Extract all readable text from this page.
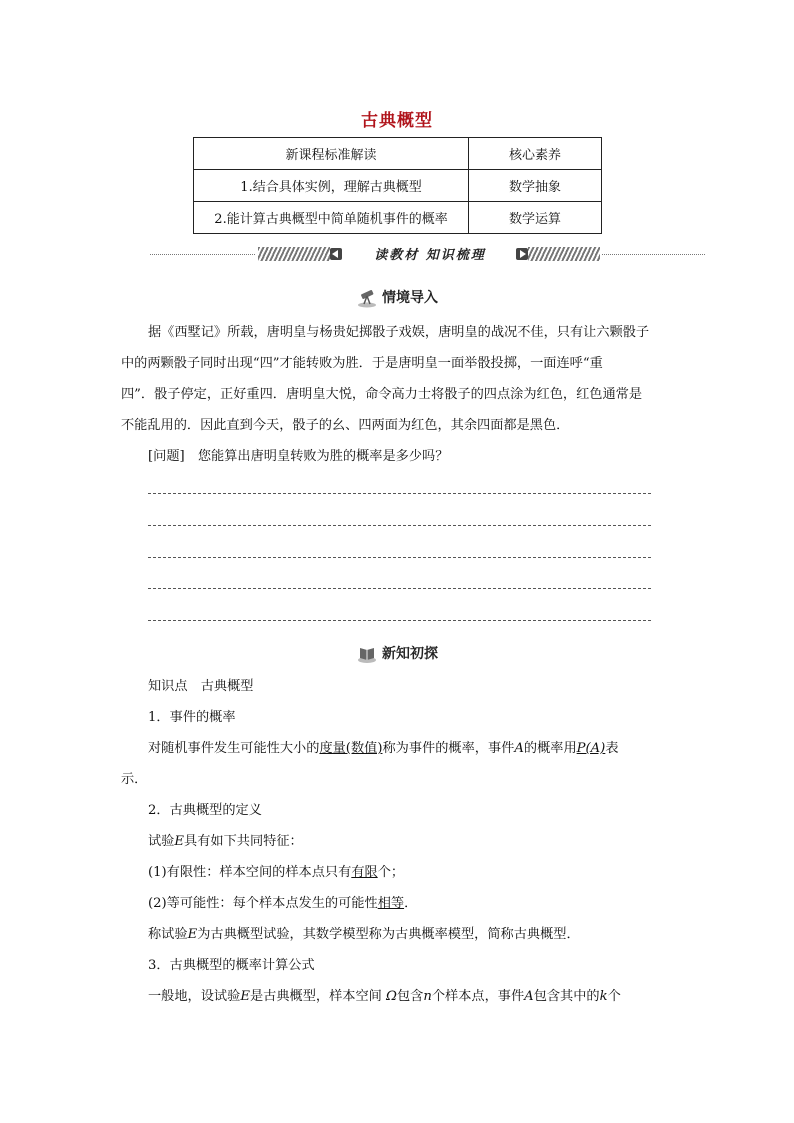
古典概型
新课程标准解读	核心素养
1.结合具体实例，理解古典概型	数学抽象
2.能计算古典概型中简单随机事件的概率	数学运算
读教材 知识梳理
情境导入

据《西墅记》所载，唐明皇与杨贵妃掷骰子戏娱，唐明皇的战况不佳，只有让六颗骰子

中的两颗骰子同时出现“四”才能转败为胜．于是唐明皇一面举骰投掷，一面连呼“重

四”．骰子停定，正好重四．唐明皇大悦，命令高力士将骰子的四点涂为红色，红色通常是

不能乱用的．因此直到今天，骰子的幺、四两面为红色，其余四面都是黑色．

[问题]　您能算出唐明皇转败为胜的概率是多少吗？

新知初探

知识点　古典概型

1．事件的概率

对随机事件发生可能性大小的度量(数值)称为事件的概率，事件A的概率用P(A)表

示．

2．古典概型的定义

试验E具有如下共同特征：

(1)有限性：样本空间的样本点只有有限个；

(2)等可能性：每个样本点发生的可能性相等．

称试验E为古典概型试验，其数学模型称为古典概率模型，简称古典概型．

3．古典概型的概率计算公式

一般地，设试验E是古典概型，样本空间 Ω包含n个样本点，事件A包含其中的k个
